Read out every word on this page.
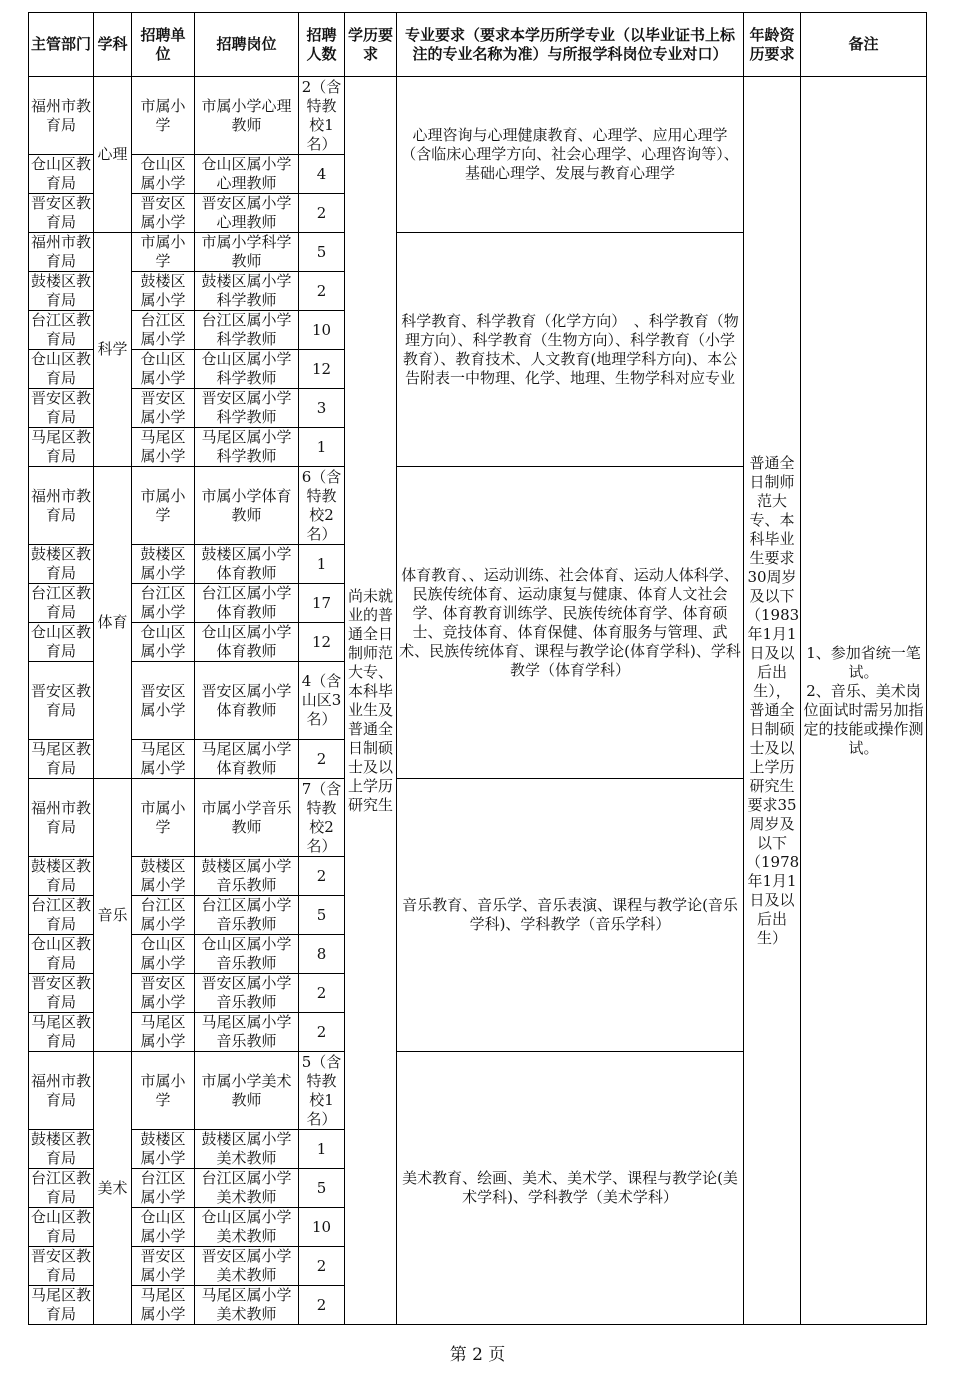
主管部门	学科	招聘单位	招聘岗位	招聘人数	学历要求	专业要求（要求本学历所学专业（以毕业证书上标注的专业名称为准）与所报学科岗位专业对口）	年龄资历要求	备注
福州市教育局	心理	市属小学	市属小学心理教师	2（含特教校1名）	尚未就业的普通全日制师范大专、本科毕业生及普通全日制硕士及以上学历研究生	心理咨询与心理健康教育、心理学、应用心理学（含临床心理学方向、社会心理学、心理咨询等）、基础心理学、发展与教育心理学	普通全日制师范大专、本科毕业生要求30周岁及以下（1983年1月1日及以后出生），普通全日制硕士及以上学历研究生要求35周岁及以下（1978年1月1日及以后出生）	1、参加省统一笔试。
2、音乐、美术岗位面试时需另加指定的技能或操作测试。
仓山区教育局		仓山区属小学	仓山区属小学心理教师	4				
晋安区教育局		晋安区属小学	晋安区属小学心理教师	2				
福州市教育局	科学	市属小学	市属小学科学教师	5		科学教育、科学教育（化学方向）　、科学教育（物理方向）、科学教育（生物方向）、科学教育（小学教育）、教育技术、人文教育(地理学科方向)、本公告附表一中物理、化学、地理、生物学科对应专业		
鼓楼区教育局		鼓楼区属小学	鼓楼区属小学科学教师	2				
台江区教育局		台江区属小学	台江区属小学科学教师	10				
仓山区教育局		仓山区属小学	仓山区属小学科学教师	12				
晋安区教育局		晋安区属小学	晋安区属小学科学教师	3				
马尾区教育局		马尾区属小学	马尾区属小学科学教师	1				
福州市教育局	体育	市属小学	市属小学体育教师	6（含特教校2名）		体育教育、、运动训练、社会体育、运动人体科学、民族传统体育、运动康复与健康、体育人文社会学、体育教育训练学、民族传统体育学、体育硕士、竞技体育、体育保健、体育服务与管理、武术、民族传统体育、课程与教学论(体育学科)、学科教学（体育学科）		
鼓楼区教育局		鼓楼区属小学	鼓楼区属小学体育教师	1				
台江区教育局		台江区属小学	台江区属小学体育教师	17				
仓山区教育局		仓山区属小学	仓山区属小学体育教师	12				
晋安区教育局		晋安区属小学	晋安区属小学体育教师	4（含山区3名）				
马尾区教育局		马尾区属小学	马尾区属小学体育教师	2				
福州市教育局	音乐	市属小学	市属小学音乐教师	7（含特教校2名）		音乐教育、音乐学、音乐表演、课程与教学论(音乐学科)、学科教学（音乐学科）		
鼓楼区教育局		鼓楼区属小学	鼓楼区属小学音乐教师	2				
台江区教育局		台江区属小学	台江区属小学音乐教师	5				
仓山区教育局		仓山区属小学	仓山区属小学音乐教师	8				
晋安区教育局		晋安区属小学	晋安区属小学音乐教师	2				
马尾区教育局		马尾区属小学	马尾区属小学音乐教师	2				
福州市教育局	美术	市属小学	市属小学美术教师	5（含特教校1名）		美术教育、绘画、美术、美术学、课程与教学论(美术学科)、学科教学（美术学科）		
鼓楼区教育局		鼓楼区属小学	鼓楼区属小学美术教师	1				
台江区教育局		台江区属小学	台江区属小学美术教师	5				
仓山区教育局		仓山区属小学	仓山区属小学美术教师	10				
晋安区教育局		晋安区属小学	晋安区属小学美术教师	2				
马尾区教育局		马尾区属小学	马尾区属小学美术教师	2				
第 2 页
